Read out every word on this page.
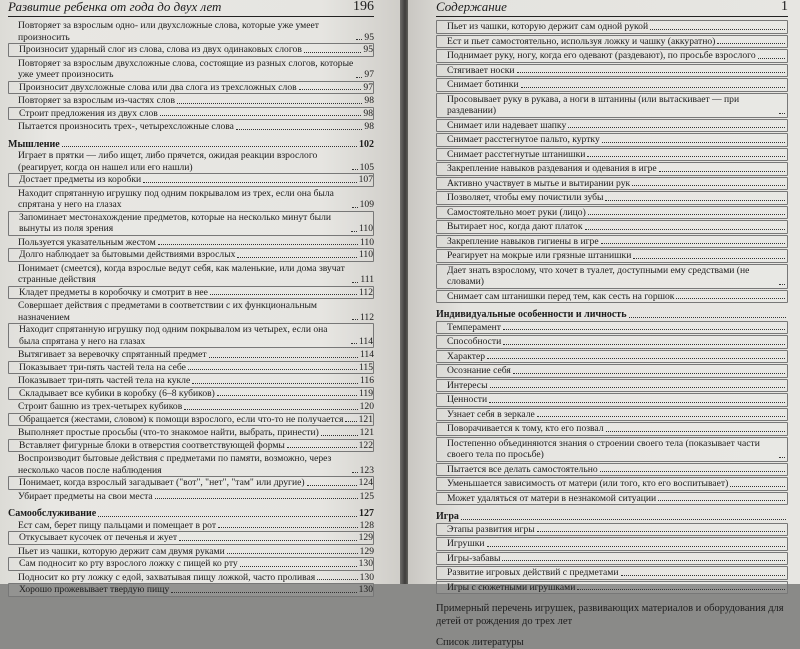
Развитие ребенка от года до двух лет	196
Повторяет за взрослым одно- или двухсложные слова, которые уже умеет произносить	95
Произносит ударный слог из слова, слова из двух одинаковых слогов	95
Повторяет за взрослым двухсложные слова, состоящие из разных слогов, которые уже умеет произносить	97
Произносит двухсложные слова или два слога из трехсложных слов	97
Повторяет за взрослым из-частях слов	98
Строит предложения из двух слов	98
Пытается произносить трех-, четырехсложные слова	98
Мышление	102
Играет в прятки — либо ищет, либо прячется, ожидая реакции взрослого (реагирует, когда он нашел или его нашли)	105
Достает предметы из коробки	107
Находит спрятанную игрушку под одним покрывалом из трех, если она была спрятана у него на глазах	109
Запоминает местонахождение предметов, которые на несколько минут были вынуты из поля зрения	110
Пользуется указательным жестом	110
Долго наблюдает за бытовыми действиями взрослых	110
Понимает (смеется), когда взрослые ведут себя, как маленькие, или дома звучат странные действия	111
Кладет предметы в коробочку и смотрит в нее	112
Совершает действия с предметами в соответствии с их функциональным назначением	112
Находит спрятанную игрушку под одним покрывалом из четырех, если она была спрятана у него на глазах	114
Вытягивает за веревочку спрятанный предмет	114
Показывает три-пять частей тела на себе	115
Показывает три-пять частей тела на кукле	116
Складывает все кубики в коробку (6–8 кубиков)	119
Строит башню из трех-четырех кубиков	120
Обращается (жестами, словом) к помощи взрослого, если что-то не получается 121
Выполняет простые просьбы (что-то знакомое найти, выбрать, принести)	121
Вставляет фигурные блоки в отверстия соответствующей формы	122
Воспроизводит бытовые действия с предметами по памяти, возможно, через несколько часов после наблюдения	123
Понимает, когда взрослый загадывает ("вот", "нет", "там" или другие)	124
Убирает предметы на свои места	125
Самообслуживание	127
Ест сам, берет пищу пальцами и помещает в рот	128
Откусывает кусочек от печенья и жует	129
Пьет из чашки, которую держит сам двумя руками	129
Сам подносит ко рту взрослого ложку с пищей ко рту	130
Подносит ко рту ложку с едой, захватывая пищу ложкой, часто проливая	130
Хорошо прожевывает твердую пищу	130
Содержание	1
Пьет из чашки, которую держит сам одной рукой
Ест и пьет самостоятельно, используя ложку и чашку (аккуратно)
Поднимает руку, ногу, когда его одевают (раздевают), по просьбе взрослого
Стягивает носки
Снимает ботинки
Просовывает руку в рукава, а ноги в штанины (или вытаскивает — при раздевании)
Снимает или надевает шапку
Снимает расстегнутое пальто, куртку
Снимает расстегнутые штанишки
Закрепление навыков раздевания и одевания в игре
Активно участвует в мытье и вытирании рук
Позволяет, чтобы ему почистили зубы
Самостоятельно моет руки (лицо)
Вытирает нос, когда дают платок
Закрепление навыков гигиены в игре
Реагирует на мокрые или грязные штанишки
Дает знать взрослому, что хочет в туалет, доступными ему средствами (не словами)
Снимает сам штанишки перед тем, как сесть на горшок
Индивидуальные особенности и личность
Темперамент
Способности
Характер
Осознание себя
Интересы
Ценности
Узнает себя в зеркале
Поворачивается к тому, кто его позвал
Постепенно объединяются знания о строении своего тела (показывает части своего тела по просьбе)
Пытается все делать самостоятельно
Уменьшается зависимость от матери (или того, кто его воспитывает)
Может удаляться от матери в незнакомой ситуации
Игра
Этапы развития игры
Игрушки
Игры-забавы
Развитие игровых действий с предметами
Игры с сюжетными игрушками
Примерный перечень игрушек, развивающих материалов и оборудования для детей от рождения до трех лет
Список литературы
